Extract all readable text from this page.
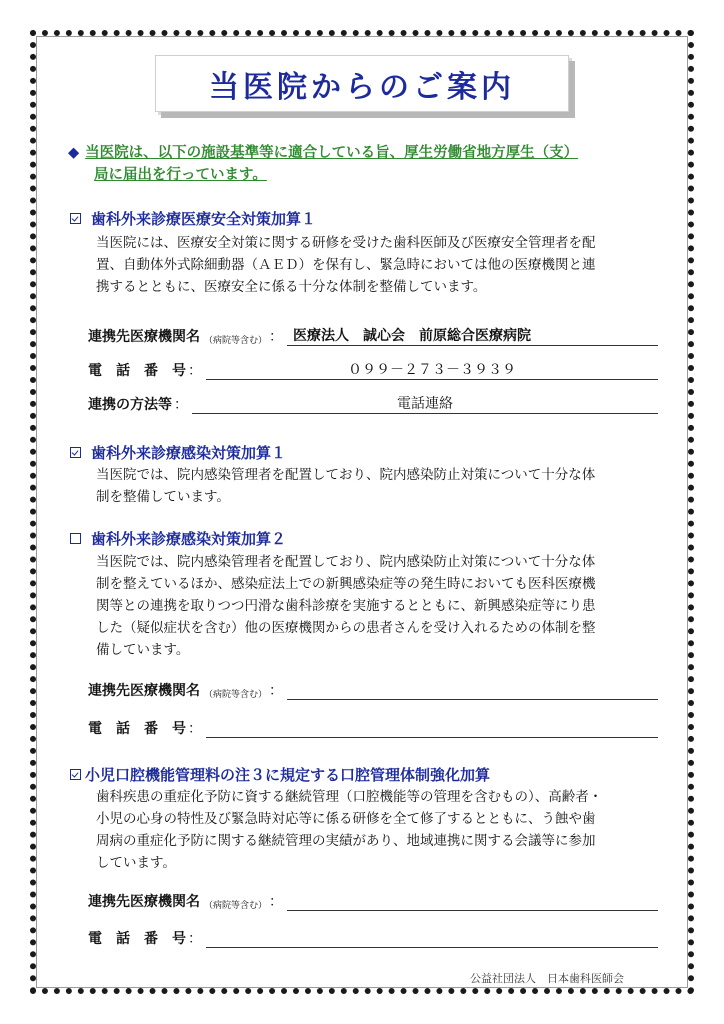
当医院からのご案内
◆ 当医院は、以下の施設基準等に適合している旨、厚生労働省地方厚生（支）
局に届出を行っています。
歯科外来診療医療安全対策加算１
当医院には、医療安全対策に関する研修を受けた歯科医師及び医療安全管理者を配
置、自動体外式除細動器（ＡＥＤ）を保有し、緊急時においては他の医療機関と連
携するとともに、医療安全に係る十分な体制を整備しています。
連携先医療機関名 （病院等含む） ： 医療法人　誠心会　前原総合医療病院
電　話　番　号 ：	０９９－２７３－３９３９
連携の方法等 ：	電話連絡
歯科外来診療感染対策加算１
当医院では、院内感染管理者を配置しており、院内感染防止対策について十分な体
制を整備しています。
歯科外来診療感染対策加算２
当医院では、院内感染管理者を配置しており、院内感染防止対策について十分な体
制を整えているほか、感染症法上での新興感染症等の発生時においても医科医療機
関等との連携を取りつつ円滑な歯科診療を実施するとともに、新興感染症等にり患
した（疑似症状を含む）他の医療機関からの患者さんを受け入れるための体制を整
備しています。
連携先医療機関名 （病院等含む） ：
電　話　番　号 ：
小児口腔機能管理料の注３に規定する口腔管理体制強化加算
歯科疾患の重症化予防に資する継続管理（口腔機能等の管理を含むもの）、高齢者・
小児の心身の特性及び緊急時対応等に係る研修を全て修了するとともに、う蝕や歯
周病の重症化予防に関する継続管理の実績があり、地域連携に関する会議等に参加
しています。
連携先医療機関名 （病院等含む） ：
電　話　番　号 ：
公益社団法人　日本歯科医師会
